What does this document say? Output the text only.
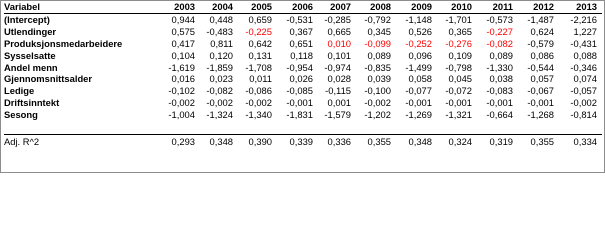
Variabel	2003	2004	2005	2006	2007	2008	2009	2010	2011	2012	2013
(Intercept)	0,944	0,448	0,659	-0,531	-0,285	-0,792	-1,148	-1,701	-0,573	-1,487	-2,216
Utlendinger	0,575	-0,483	-0,225	0,367	0,665	0,345	0,526	0,365	-0,227	0,624	1,227
Produksjonsmedarbeidere	0,417	0,811	0,642	0,651	0,010	-0,099	-0,252	-0,276	-0,082	-0,579	-0,431
Sysselsatte	0,104	0,120	0,131	0,118	0,101	0,089	0,096	0,109	0,089	0,086	0,088
Andel menn	-1,619	-1,859	-1,708	-0,954	-0,974	-0,835	-1,499	-0,798	-1,330	-0,544	-0,346
Gjennomsnittsalder	0,016	0,023	0,011	0,026	0,028	0,039	0,058	0,045	0,038	0,057	0,074
Ledige	-0,102	-0,082	-0,086	-0,085	-0,115	-0,100	-0,077	-0,072	-0,083	-0,067	-0,057
Driftsinntekt	-0,002	-0,002	-0,002	-0,001	0,001	-0,002	-0,001	-0,001	-0,001	-0,001	-0,002
Sesong	-1,004	-1,324	-1,340	-1,831	-1,579	-1,202	-1,269	-1,321	-0,664	-1,268	-0,814

Adj. R^2	0,293	0,348	0,390	0,339	0,336	0,355	0,348	0,324	0,319	0,355	0,334
